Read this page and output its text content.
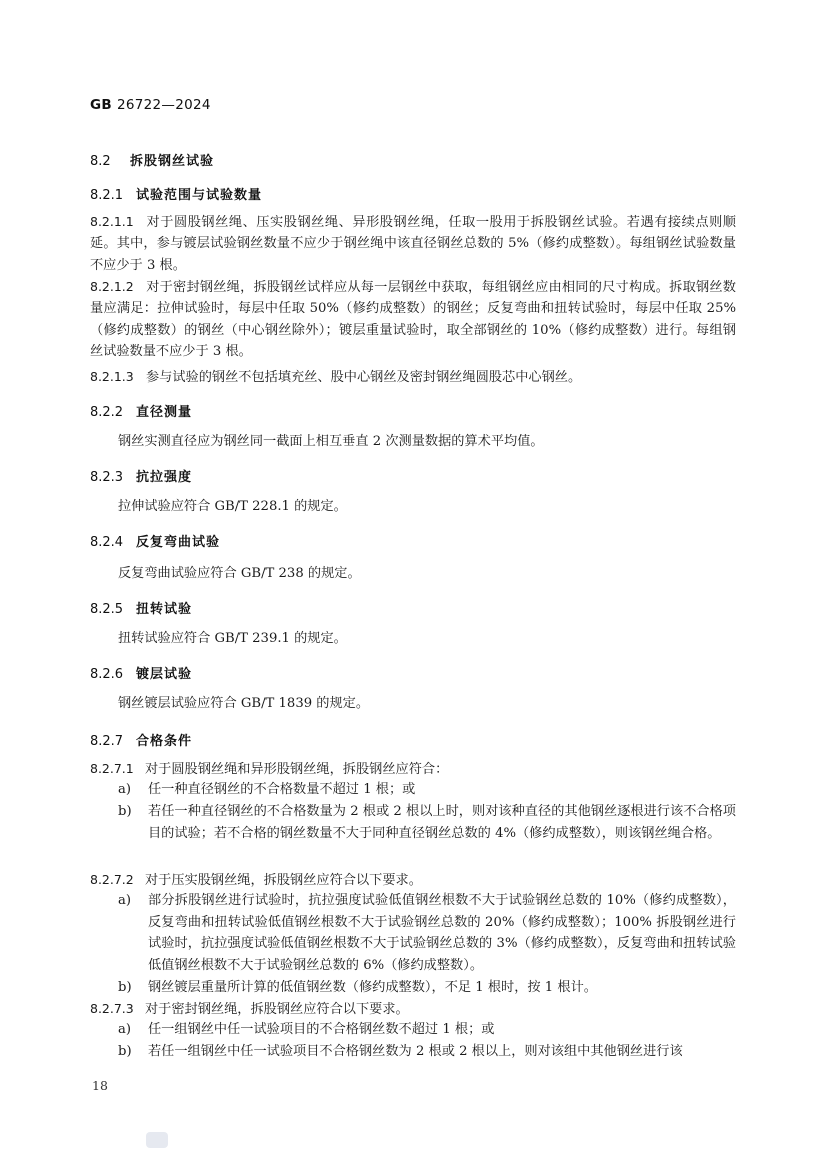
GB 26722—2024
8.2 拆股钢丝试验
8.2.1 试验范围与试验数量
8.2.1.1 对于圆股钢丝绳、压实股钢丝绳、异形股钢丝绳，任取一股用于拆股钢丝试验。若遇有接续点则顺延。其中，参与镀层试验钢丝数量不应少于钢丝绳中该直径钢丝总数的 5%（修约成整数）。每组钢丝试验数量不应少于 3 根。
8.2.1.2 对于密封钢丝绳，拆股钢丝试样应从每一层钢丝中获取，每组钢丝应由相同的尺寸构成。拆取钢丝数量应满足：拉伸试验时，每层中任取 50%（修约成整数）的钢丝；反复弯曲和扭转试验时，每层中任取 25%（修约成整数）的钢丝（中心钢丝除外）；镀层重量试验时，取全部钢丝的 10%（修约成整数）进行。每组钢丝试验数量不应少于 3 根。
8.2.1.3 参与试验的钢丝不包括填充丝、股中心钢丝及密封钢丝绳圆股芯中心钢丝。
8.2.2 直径测量
钢丝实测直径应为钢丝同一截面上相互垂直 2 次测量数据的算术平均值。
8.2.3 抗拉强度
拉伸试验应符合 GB/T 228.1 的规定。
8.2.4 反复弯曲试验
反复弯曲试验应符合 GB/T 238 的规定。
8.2.5 扭转试验
扭转试验应符合 GB/T 239.1 的规定。
8.2.6 镀层试验
钢丝镀层试验应符合 GB/T 1839 的规定。
8.2.7 合格条件
8.2.7.1 对于圆股钢丝绳和异形股钢丝绳，拆股钢丝应符合：
a)	任一种直径钢丝的不合格数量不超过 1 根；或
b)	若任一种直径钢丝的不合格数量为 2 根或 2 根以上时，则对该种直径的其他钢丝逐根进行该不合格项目的试验；若不合格的钢丝数量不大于同种直径钢丝总数的 4%（修约成整数），则该钢丝绳合格。
8.2.7.2 对于压实股钢丝绳，拆股钢丝应符合以下要求。
a)	部分拆股钢丝进行试验时，抗拉强度试验低值钢丝根数不大于试验钢丝总数的 10%（修约成整数），反复弯曲和扭转试验低值钢丝根数不大于试验钢丝总数的 20%（修约成整数）；100% 拆股钢丝进行试验时，抗拉强度试验低值钢丝根数不大于试验钢丝总数的 3%（修约成整数），反复弯曲和扭转试验低值钢丝根数不大于试验钢丝总数的 6%（修约成整数）。
b)	钢丝镀层重量所计算的低值钢丝数（修约成整数），不足 1 根时，按 1 根计。
8.2.7.3 对于密封钢丝绳，拆股钢丝应符合以下要求。
a)	任一组钢丝中任一试验项目的不合格钢丝数不超过 1 根；或
b)	若任一组钢丝中任一试验项目不合格钢丝数为 2 根或 2 根以上，则对该组中其他钢丝进行该
18
